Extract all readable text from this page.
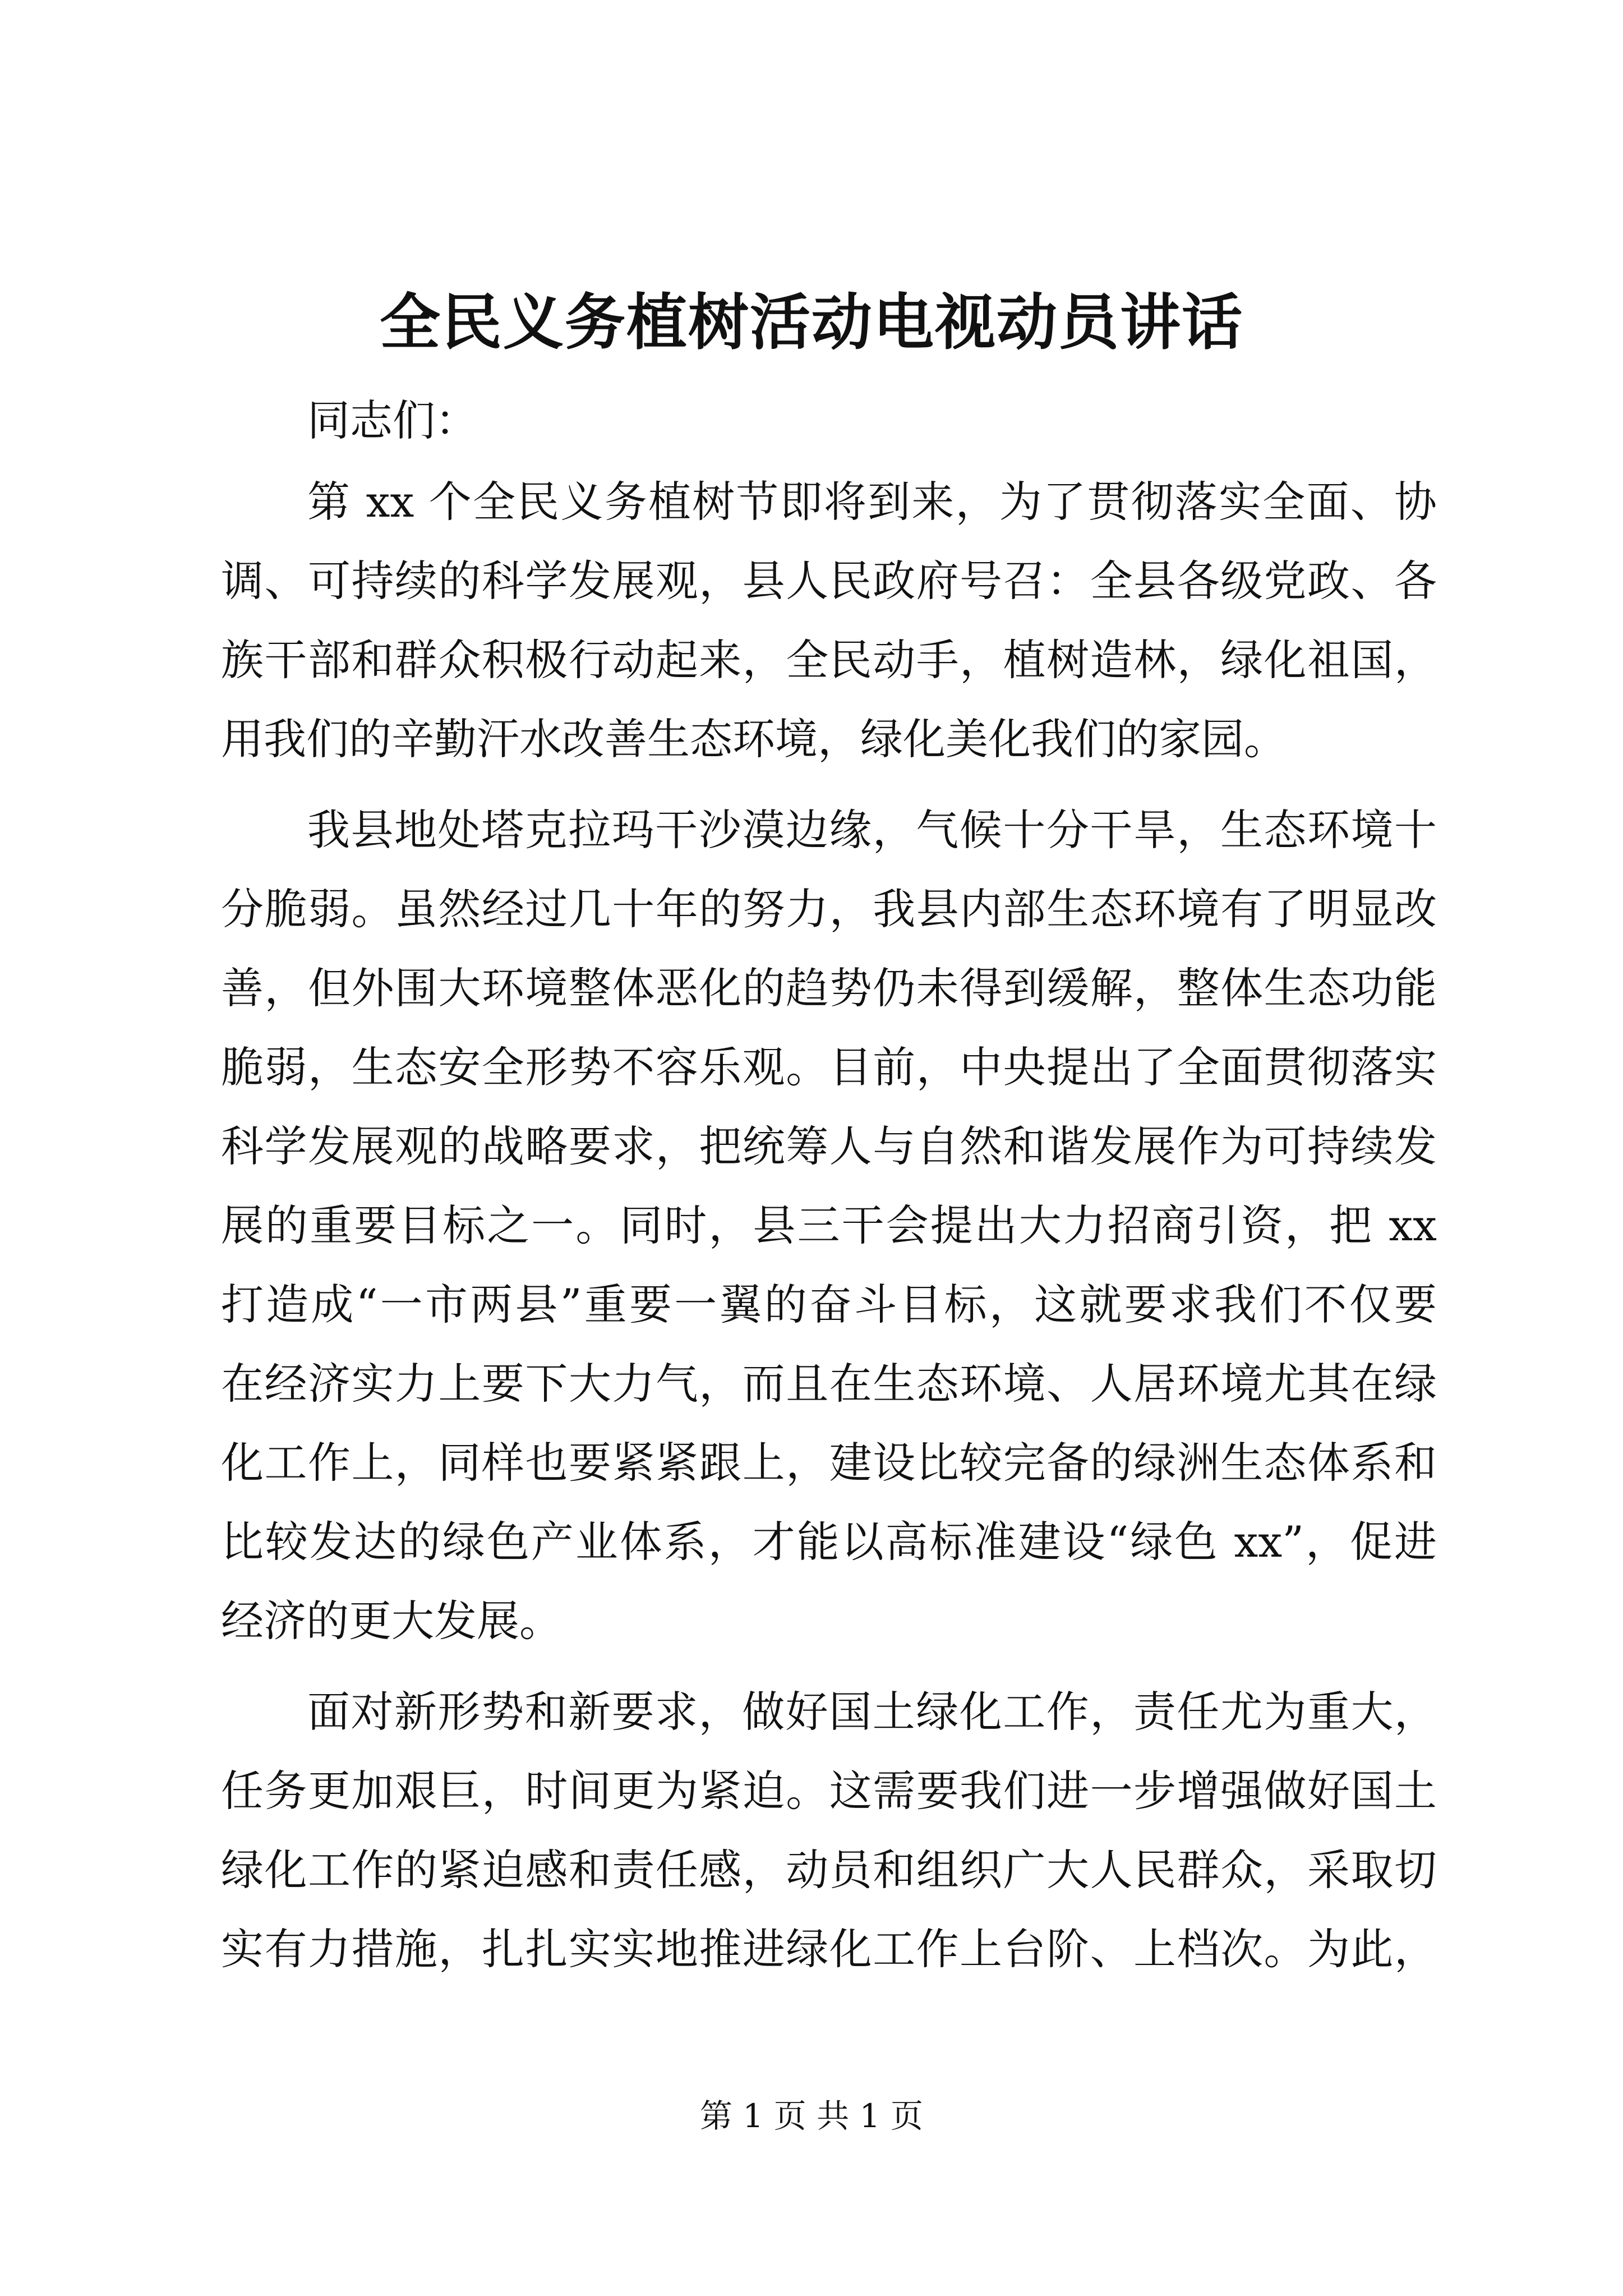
全民义务植树活动电视动员讲话
同志们：
第 xx 个全民义务植树节即将到来，为了贯彻落实全面、协
调、可持续的科学发展观，县人民政府号召：全县各级党政、各
族干部和群众积极行动起来，全民动手，植树造林，绿化祖国，
用我们的辛勤汗水改善生态环境，绿化美化我们的家园。
我县地处塔克拉玛干沙漠边缘，气候十分干旱，生态环境十
分脆弱。虽然经过几十年的努力，我县内部生态环境有了明显改
善，但外围大环境整体恶化的趋势仍未得到缓解，整体生态功能
脆弱，生态安全形势不容乐观。目前，中央提出了全面贯彻落实
科学发展观的战略要求，把统筹人与自然和谐发展作为可持续发
展的重要目标之一。同时，县三干会提出大力招商引资，把 xx
打造成“一市两县”重要一翼的奋斗目标，这就要求我们不仅要
在经济实力上要下大力气，而且在生态环境、人居环境尤其在绿
化工作上，同样也要紧紧跟上，建设比较完备的绿洲生态体系和
比较发达的绿色产业体系，才能以高标准建设“绿色 xx”，促进
经济的更大发展。
面对新形势和新要求，做好国土绿化工作，责任尤为重大，
任务更加艰巨，时间更为紧迫。这需要我们进一步增强做好国土
绿化工作的紧迫感和责任感，动员和组织广大人民群众，采取切
实有力措施，扎扎实实地推进绿化工作上台阶、上档次。为此，
第 1 页 共 1 页
